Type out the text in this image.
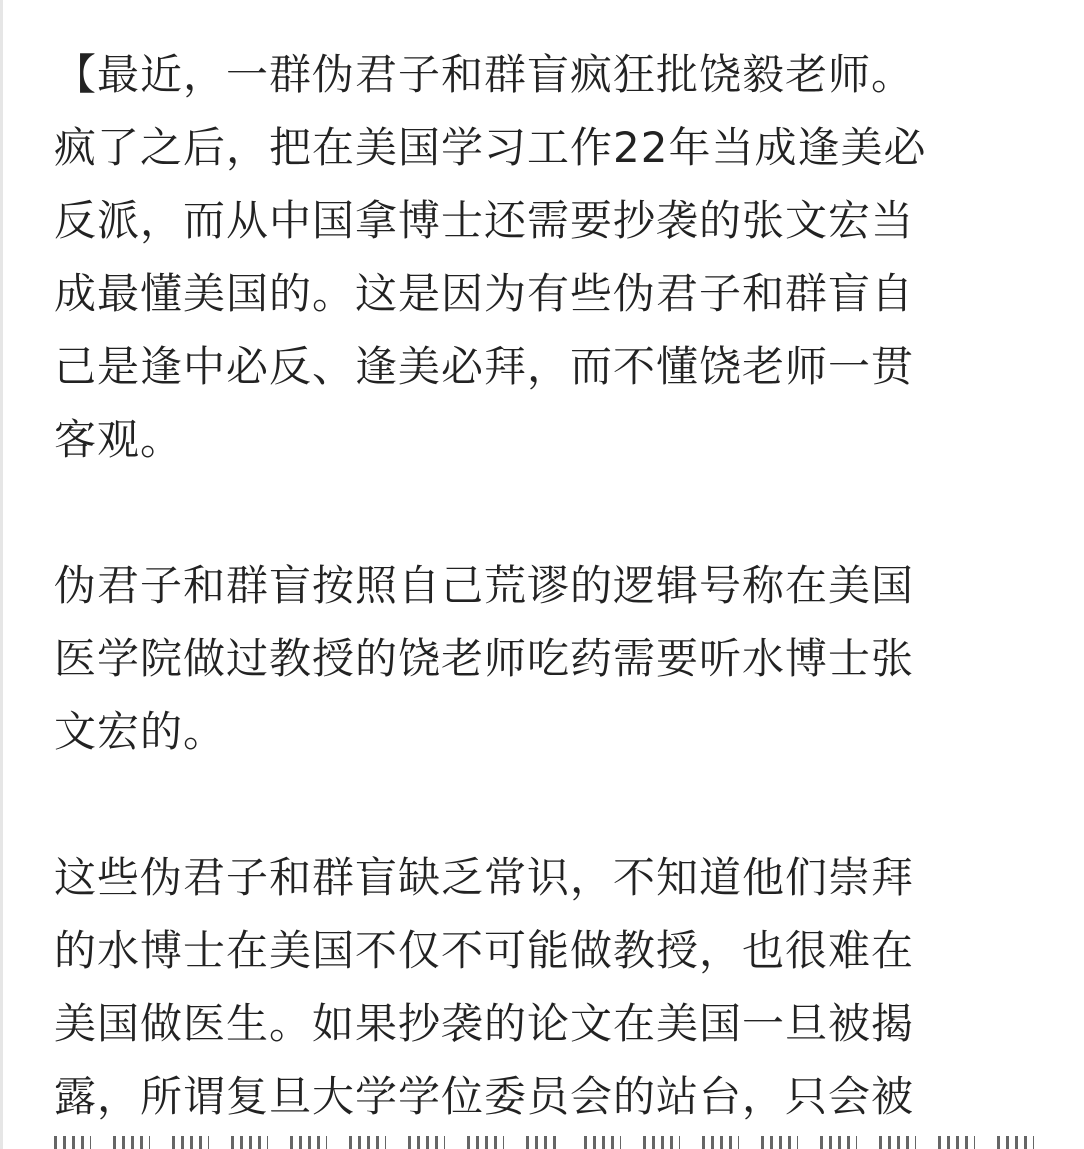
【最近，一群伪君子和群盲疯狂批饶毅老师。
疯了之后，把在美国学习工作22年当成逢美必
反派，而从中国拿博士还需要抄袭的张文宏当
成最懂美国的。这是因为有些伪君子和群盲自
己是逢中必反、逢美必拜，而不懂饶老师一贯
客观。
伪君子和群盲按照自己荒谬的逻辑号称在美国
医学院做过教授的饶老师吃药需要听水博士张
文宏的。
这些伪君子和群盲缺乏常识，不知道他们崇拜
的水博士在美国不仅不可能做教授，也很难在
美国做医生。如果抄袭的论文在美国一旦被揭
露，所谓复旦大学学位委员会的站台，只会被
